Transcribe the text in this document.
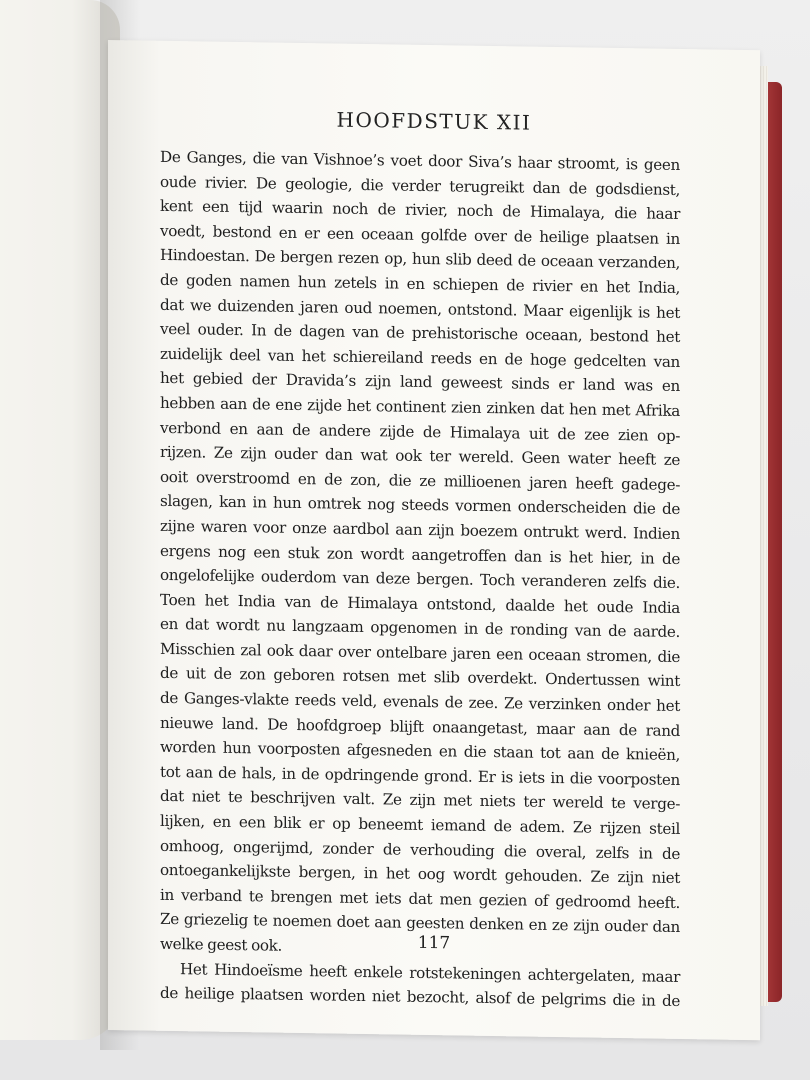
HOOFDSTUK XII
De Ganges, die van Vishnoe’s voet door Siva’s haar stroomt, is geen
oude rivier. De geologie, die verder terugreikt dan de godsdienst,
kent een tijd waarin noch de rivier, noch de Himalaya, die haar
voedt, bestond en er een oceaan golfde over de heilige plaatsen in
Hindoestan. De bergen rezen op, hun slib deed de oceaan verzanden,
de goden namen hun zetels in en schiepen de rivier en het India,
dat we duizenden jaren oud noemen, ontstond. Maar eigenlijk is het
veel ouder. In de dagen van de prehistorische oceaan, bestond het
zuidelijk deel van het schiereiland reeds en de hoge gedcelten van
het gebied der Dravida’s zijn land geweest sinds er land was en
hebben aan de ene zijde het continent zien zinken dat hen met Afrika
verbond en aan de andere zijde de Himalaya uit de zee zien op-
rijzen. Ze zijn ouder dan wat ook ter wereld. Geen water heeft ze
ooit overstroomd en de zon, die ze millioenen jaren heeft gadege-
slagen, kan in hun omtrek nog steeds vormen onderscheiden die de
zijne waren voor onze aardbol aan zijn boezem ontrukt werd. Indien
ergens nog een stuk zon wordt aangetroffen dan is het hier, in de
ongelofelijke ouderdom van deze bergen. Toch veranderen zelfs die.
Toen het India van de Himalaya ontstond, daalde het oude India
en dat wordt nu langzaam opgenomen in de ronding van de aarde.
Misschien zal ook daar over ontelbare jaren een oceaan stromen, die
de uit de zon geboren rotsen met slib overdekt. Ondertussen wint
de Ganges-vlakte reeds veld, evenals de zee. Ze verzinken onder het
nieuwe land. De hoofdgroep blijft onaangetast, maar aan de rand
worden hun voorposten afgesneden en die staan tot aan de knieën,
tot aan de hals, in de opdringende grond. Er is iets in die voorposten
dat niet te beschrijven valt. Ze zijn met niets ter wereld te verge-
lijken, en een blik er op beneemt iemand de adem. Ze rijzen steil
omhoog, ongerijmd, zonder de verhouding die overal, zelfs in de
ontoegankelijkste bergen, in het oog wordt gehouden. Ze zijn niet
in verband te brengen met iets dat men gezien of gedroomd heeft.
Ze griezelig te noemen doet aan geesten denken en ze zijn ouder dan
welke geest ook.
Het Hindoeïsme heeft enkele rotstekeningen achtergelaten, maar
de heilige plaatsen worden niet bezocht, alsof de pelgrims die in de
117
